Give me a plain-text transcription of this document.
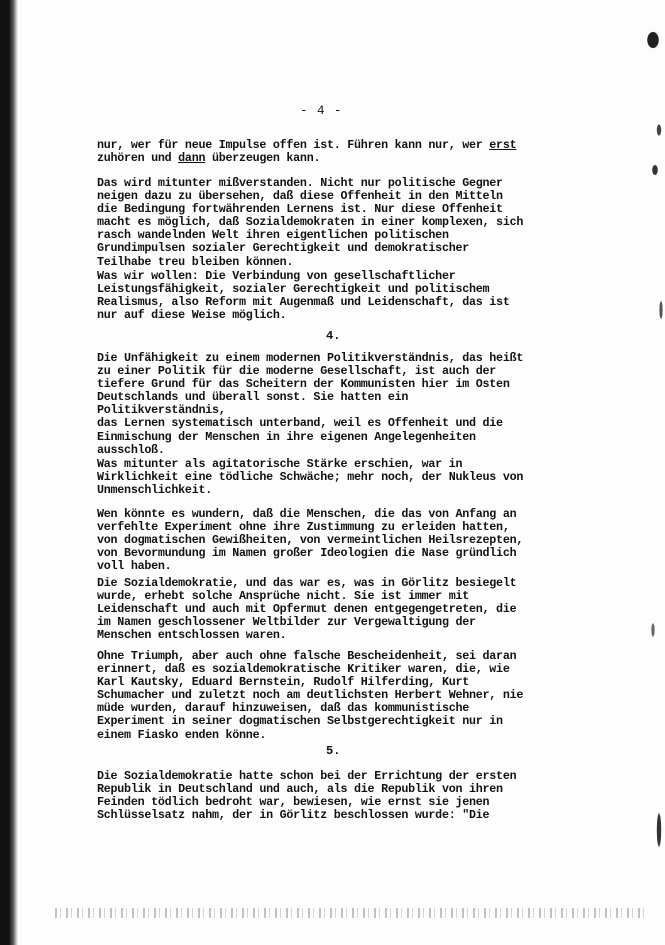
- 4 -
nur, wer für neue Impulse offen ist. Führen kann nur, wer erst
zuhören und dann überzeugen kann.
Das wird mitunter mißverstanden. Nicht nur politische Gegner
neigen dazu zu übersehen, daß diese Offenheit in den Mitteln
die Bedingung fortwährenden Lernens ist. Nur diese Offenheit
macht es möglich, daß Sozialdemokraten in einer komplexen, sich
rasch wandelnden Welt ihren eigentlichen politischen
Grundimpulsen sozialer Gerechtigkeit und demokratischer
Teilhabe treu bleiben können.
Was wir wollen: Die Verbindung von gesellschaftlicher
Leistungsfähigkeit, sozialer Gerechtigkeit und politischem
Realismus, also Reform mit Augenmaß und Leidenschaft, das ist
nur auf diese Weise möglich.
4.
Die Unfähigkeit zu einem modernen Politikverständnis, das heißt
zu einer Politik für die moderne Gesellschaft, ist auch der
tiefere Grund für das Scheitern der Kommunisten hier im Osten
Deutschlands und überall sonst. Sie hatten ein
Politikverständnis,
das Lernen systematisch unterband, weil es Offenheit und die
Einmischung der Menschen in ihre eigenen Angelegenheiten
ausschloß.
Was mitunter als agitatorische Stärke erschien, war in
Wirklichkeit eine tödliche Schwäche; mehr noch, der Nukleus von
Unmenschlichkeit.
Wen könnte es wundern, daß die Menschen, die das von Anfang an
verfehlte Experiment ohne ihre Zustimmung zu erleiden hatten,
von dogmatischen Gewißheiten, von vermeintlichen Heilsrezepten,
von Bevormundung im Namen großer Ideologien die Nase gründlich
voll haben.
Die Sozialdemokratie, und das war es, was in Görlitz besiegelt
wurde, erhebt solche Ansprüche nicht. Sie ist immer mit
Leidenschaft und auch mit Opfermut denen entgegengetreten, die
im Namen geschlossener Weltbilder zur Vergewaltigung der
Menschen entschlossen waren.
Ohne Triumph, aber auch ohne falsche Bescheidenheit, sei daran
erinnert, daß es sozialdemokratische Kritiker waren, die, wie
Karl Kautsky, Eduard Bernstein, Rudolf Hilferding, Kurt
Schumacher und zuletzt noch am deutlichsten Herbert Wehner, nie
müde wurden, darauf hinzuweisen, daß das kommunistische
Experiment in seiner dogmatischen Selbstgerechtigkeit nur in
einem Fiasko enden könne.
5.
Die Sozialdemokratie hatte schon bei der Errichtung der ersten
Republik in Deutschland und auch, als die Republik von ihren
Feinden tödlich bedroht war, bewiesen, wie ernst sie jenen
Schlüsselsatz nahm, der in Görlitz beschlossen wurde: "Die
